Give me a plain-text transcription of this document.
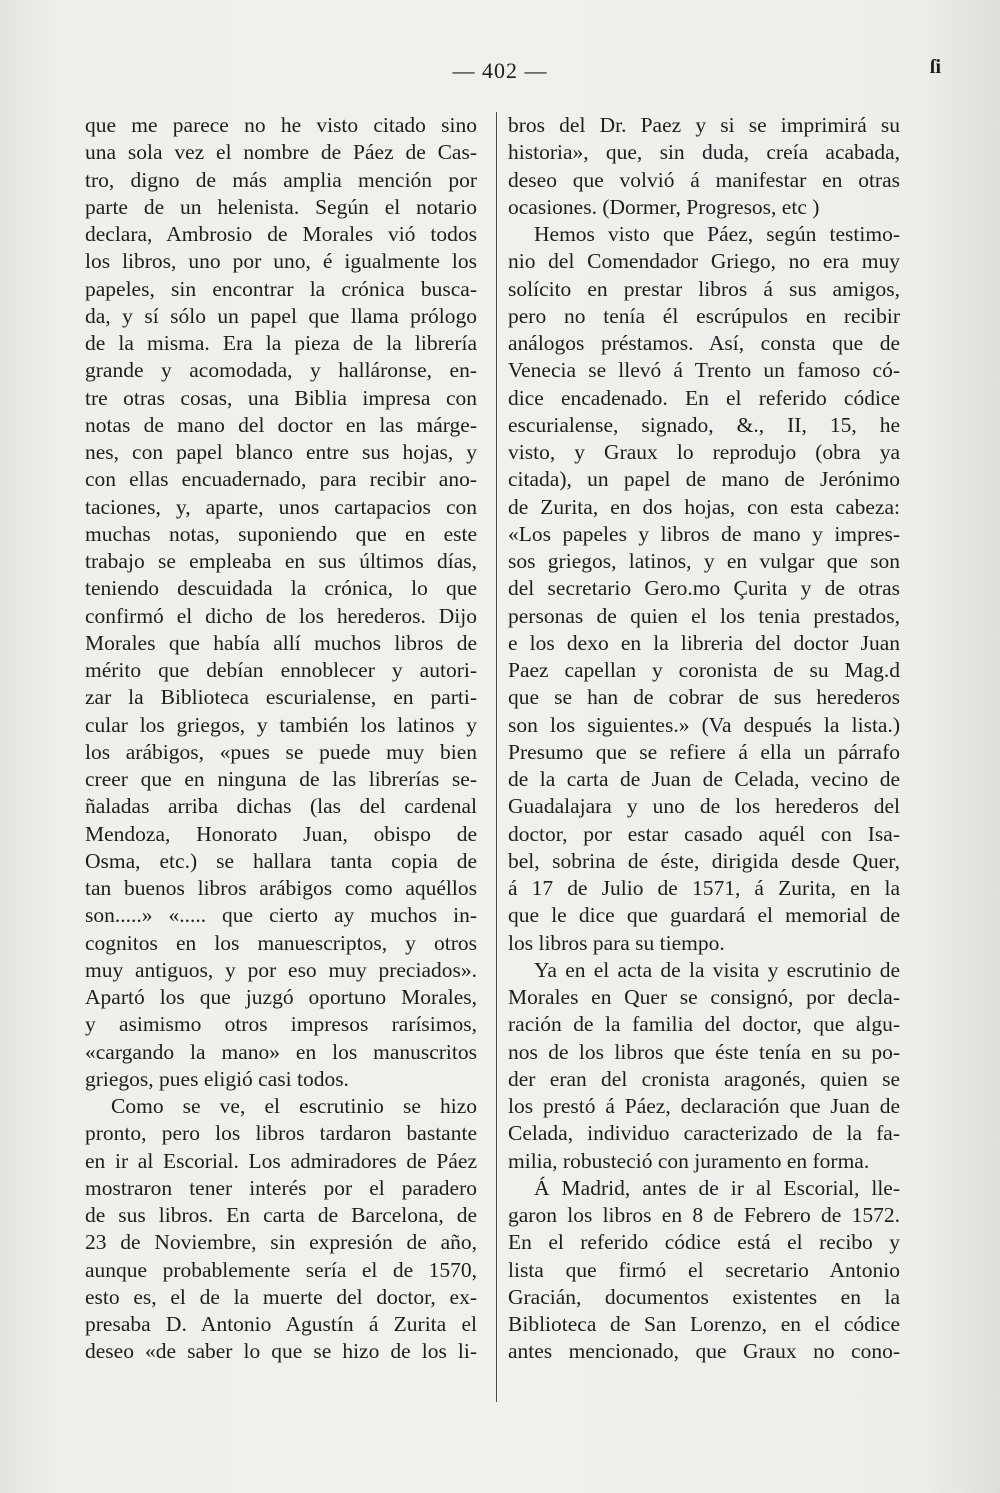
— 402 —	ſi
que me parece no he visto citado sino
una sola vez el nombre de Páez de Cas-
tro, digno de más amplia mención por
parte de un helenista. Según el notario
declara, Ambrosio de Morales vió todos
los libros, uno por uno, é igualmente los
papeles, sin encontrar la crónica busca-
da, y sí sólo un papel que llama prólogo
de la misma. Era la pieza de la librería
grande y acomodada, y halláronse, en-
tre otras cosas, una Biblia impresa con
notas de mano del doctor en las márge-
nes, con papel blanco entre sus hojas, y
con ellas encuadernado, para recibir ano-
taciones, y, aparte, unos cartapacios con
muchas notas, suponiendo que en este
trabajo se empleaba en sus últimos días,
teniendo descuidada la crónica, lo que
confirmó el dicho de los herederos. Dijo
Morales que había allí muchos libros de
mérito que debían ennoblecer y autori-
zar la Biblioteca escurialense, en parti-
cular los griegos, y también los latinos y
los arábigos, «pues se puede muy bien
creer que en ninguna de las librerías se-
ñaladas arriba dichas (las del cardenal
Mendoza, Honorato Juan, obispo de
Osma, etc.) se hallara tanta copia de
tan buenos libros arábigos como aquéllos
son.....» «..... que cierto ay muchos in-
cognitos en los manuescriptos, y otros
muy antiguos, y por eso muy preciados».
Apartó los que juzgó oportuno Morales,
y asimismo otros impresos rarísimos,
«cargando la mano» en los manuscritos
griegos, pues eligió casi todos.
Como se ve, el escrutinio se hizo
pronto, pero los libros tardaron bastante
en ir al Escorial. Los admiradores de Páez
mostraron tener interés por el paradero
de sus libros. En carta de Barcelona, de
23 de Noviembre, sin expresión de año,
aunque probablemente sería el de 1570,
esto es, el de la muerte del doctor, ex-
presaba D. Antonio Agustín á Zurita el
deseo «de saber lo que se hizo de los li-
bros del Dr. Paez y si se imprimirá su
historia», que, sin duda, creía acabada,
deseo que volvió á manifestar en otras
ocasiones. (Dormer, Progresos, etc )
Hemos visto que Páez, según testimo-
nio del Comendador Griego, no era muy
solícito en prestar libros á sus amigos,
pero no tenía él escrúpulos en recibir
análogos préstamos. Así, consta que de
Venecia se llevó á Trento un famoso có-
dice encadenado. En el referido códice
escurialense, signado, &., II, 15, he
visto, y Graux lo reprodujo (obra ya
citada), un papel de mano de Jerónimo
de Zurita, en dos hojas, con esta cabeza:
«Los papeles y libros de mano y impres-
sos griegos, latinos, y en vulgar que son
del secretario Gero.mo Çurita y de otras
personas de quien el los tenia prestados,
e los dexo en la libreria del doctor Juan
Paez capellan y coronista de su Mag.d
que se han de cobrar de sus herederos
son los siguientes.» (Va después la lista.)
Presumo que se refiere á ella un párrafo
de la carta de Juan de Celada, vecino de
Guadalajara y uno de los herederos del
doctor, por estar casado aquél con Isa-
bel, sobrina de éste, dirigida desde Quer,
á 17 de Julio de 1571, á Zurita, en la
que le dice que guardará el memorial de
los libros para su tiempo.
Ya en el acta de la visita y escrutinio de
Morales en Quer se consignó, por decla-
ración de la familia del doctor, que algu-
nos de los libros que éste tenía en su po-
der eran del cronista aragonés, quien se
los prestó á Páez, declaración que Juan de
Celada, individuo caracterizado de la fa-
milia, robusteció con juramento en forma.
Á Madrid, antes de ir al Escorial, lle-
garon los libros en 8 de Febrero de 1572.
En el referido códice está el recibo y
lista que firmó el secretario Antonio
Gracián, documentos existentes en la
Biblioteca de San Lorenzo, en el códice
antes mencionado, que Graux no cono-
